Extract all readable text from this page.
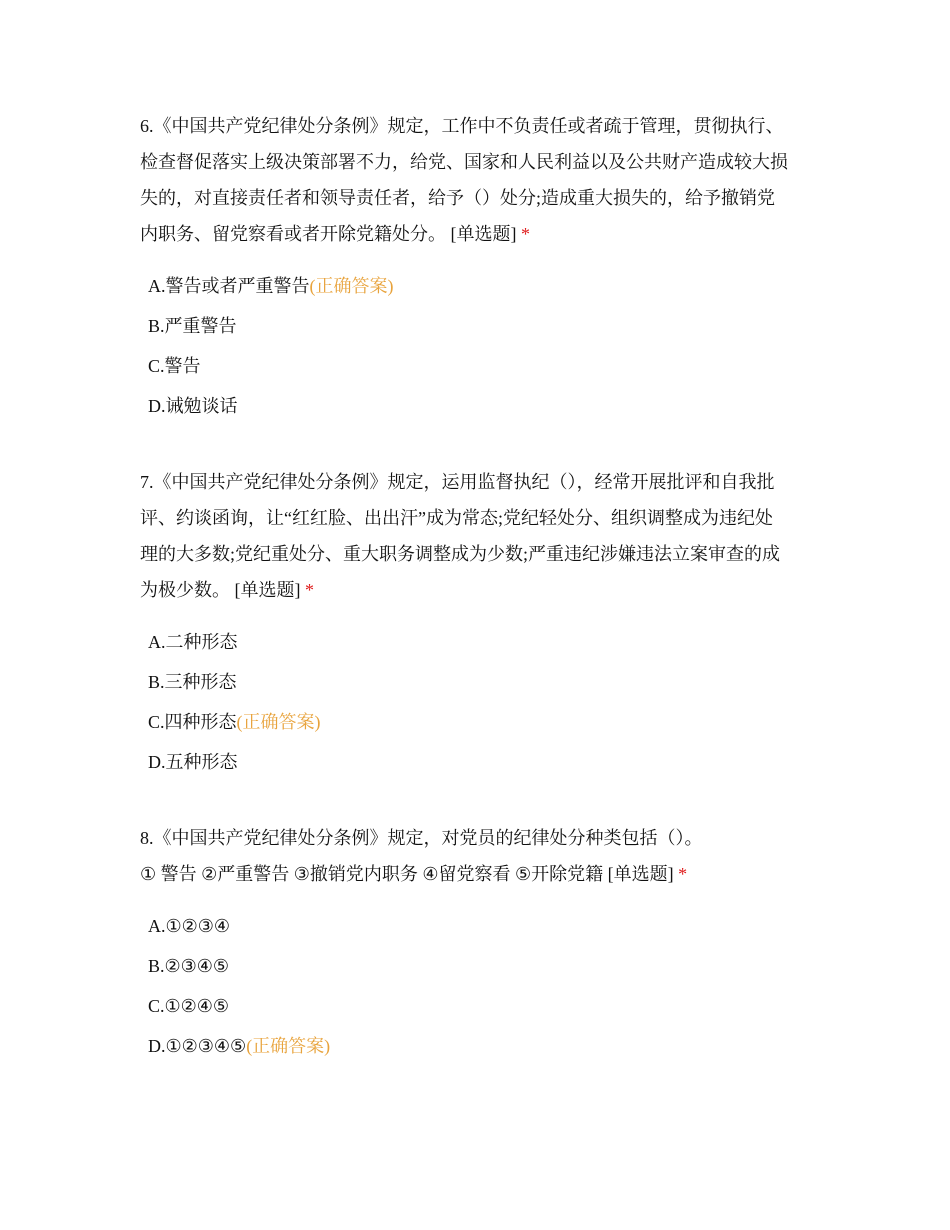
6.《中国共产党纪律处分条例》规定，工作中不负责任或者疏于管理，贯彻执行、
检查督促落实上级决策部署不力，给党、国家和人民利益以及公共财产造成较大损
失的，对直接责任者和领导责任者，给予（）处分;造成重大损失的，给予撤销党
内职务、留党察看或者开除党籍处分。 [单选题] *
A.警告或者严重警告(正确答案)
B.严重警告
C.警告
D.诫勉谈话
7.《中国共产党纪律处分条例》规定，运用监督执纪（），经常开展批评和自我批
评、约谈函询，让“红红脸、出出汗”成为常态;党纪轻处分、组织调整成为违纪处
理的大多数;党纪重处分、重大职务调整成为少数;严重违纪涉嫌违法立案审查的成
为极少数。 [单选题] *
A.二种形态
B.三种形态
C.四种形态(正确答案)
D.五种形态
8.《中国共产党纪律处分条例》规定，对党员的纪律处分种类包括（）。
① 警告 ②严重警告 ③撤销党内职务 ④留党察看 ⑤开除党籍 [单选题] *
A.①②③④
B.②③④⑤
C.①②④⑤
D.①②③④⑤(正确答案)
